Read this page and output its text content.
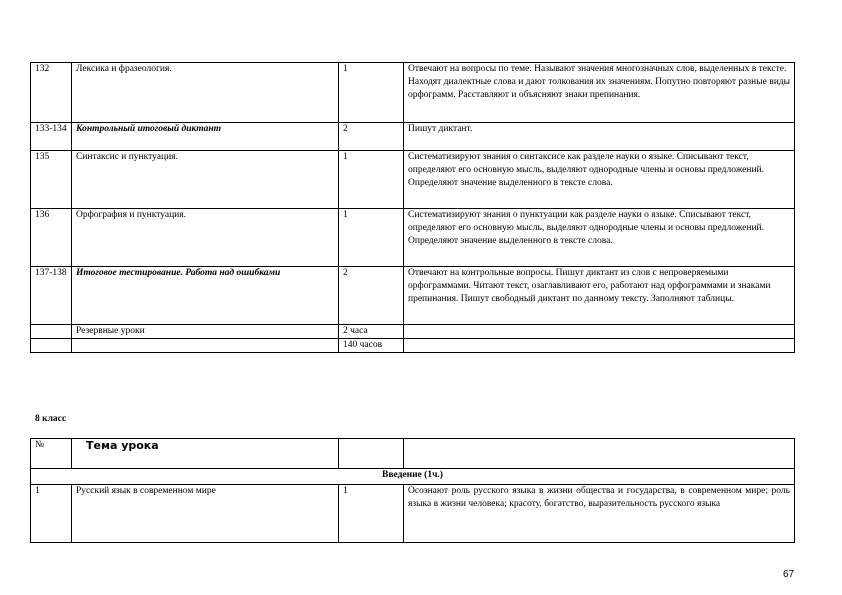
132	Лексика и фразеология.	1	Отвечают на вопросы по теме. Называют значения многозначных слов, выделенных в тексте. Находят диалектные слова и дают толкования их значениям. Попутно повторяют разные виды орфограмм. Расставляют и объясняют знаки препинания.
133-134	Контрольный итоговый диктант	2	Пишут диктант.
135	Синтаксис и пунктуация.	1	Систематизируют знания о синтаксисе как разделе науки о языке. Списывают текст, определяют его основную мысль, выделяют однородные члены и основы предложений. Определяют значение выделенного в тексте слова.
136	Орфография и пунктуация.	1	Систематизируют знания о пунктуации как разделе науки о языке. Списывают текст, определяют его основную мысль, выделяют однородные члены и основы предложений. Определяют значение выделенного в тексте слова.
137-138	Итоговое тестирование. Работа над ошибками	2	Отвечают на контрольные вопросы. Пишут диктант из слов с непроверяемыми орфограммами. Читают текст, озаглавливают его, работают над орфограммами и знаками препинания. Пишут свободный диктант по данному тексту. Заполняют таблицы.
	Резервные уроки	2 часа	
		140 часов	
8 класс
№	Тема урока		
Введение (1ч.)			
1	Русский язык в современном мире	1	Осознают роль русского языка в жизни общества и государства, в современном мире; роль языка в жизни человека; красоту, богатство, выразительность русского языка
67
